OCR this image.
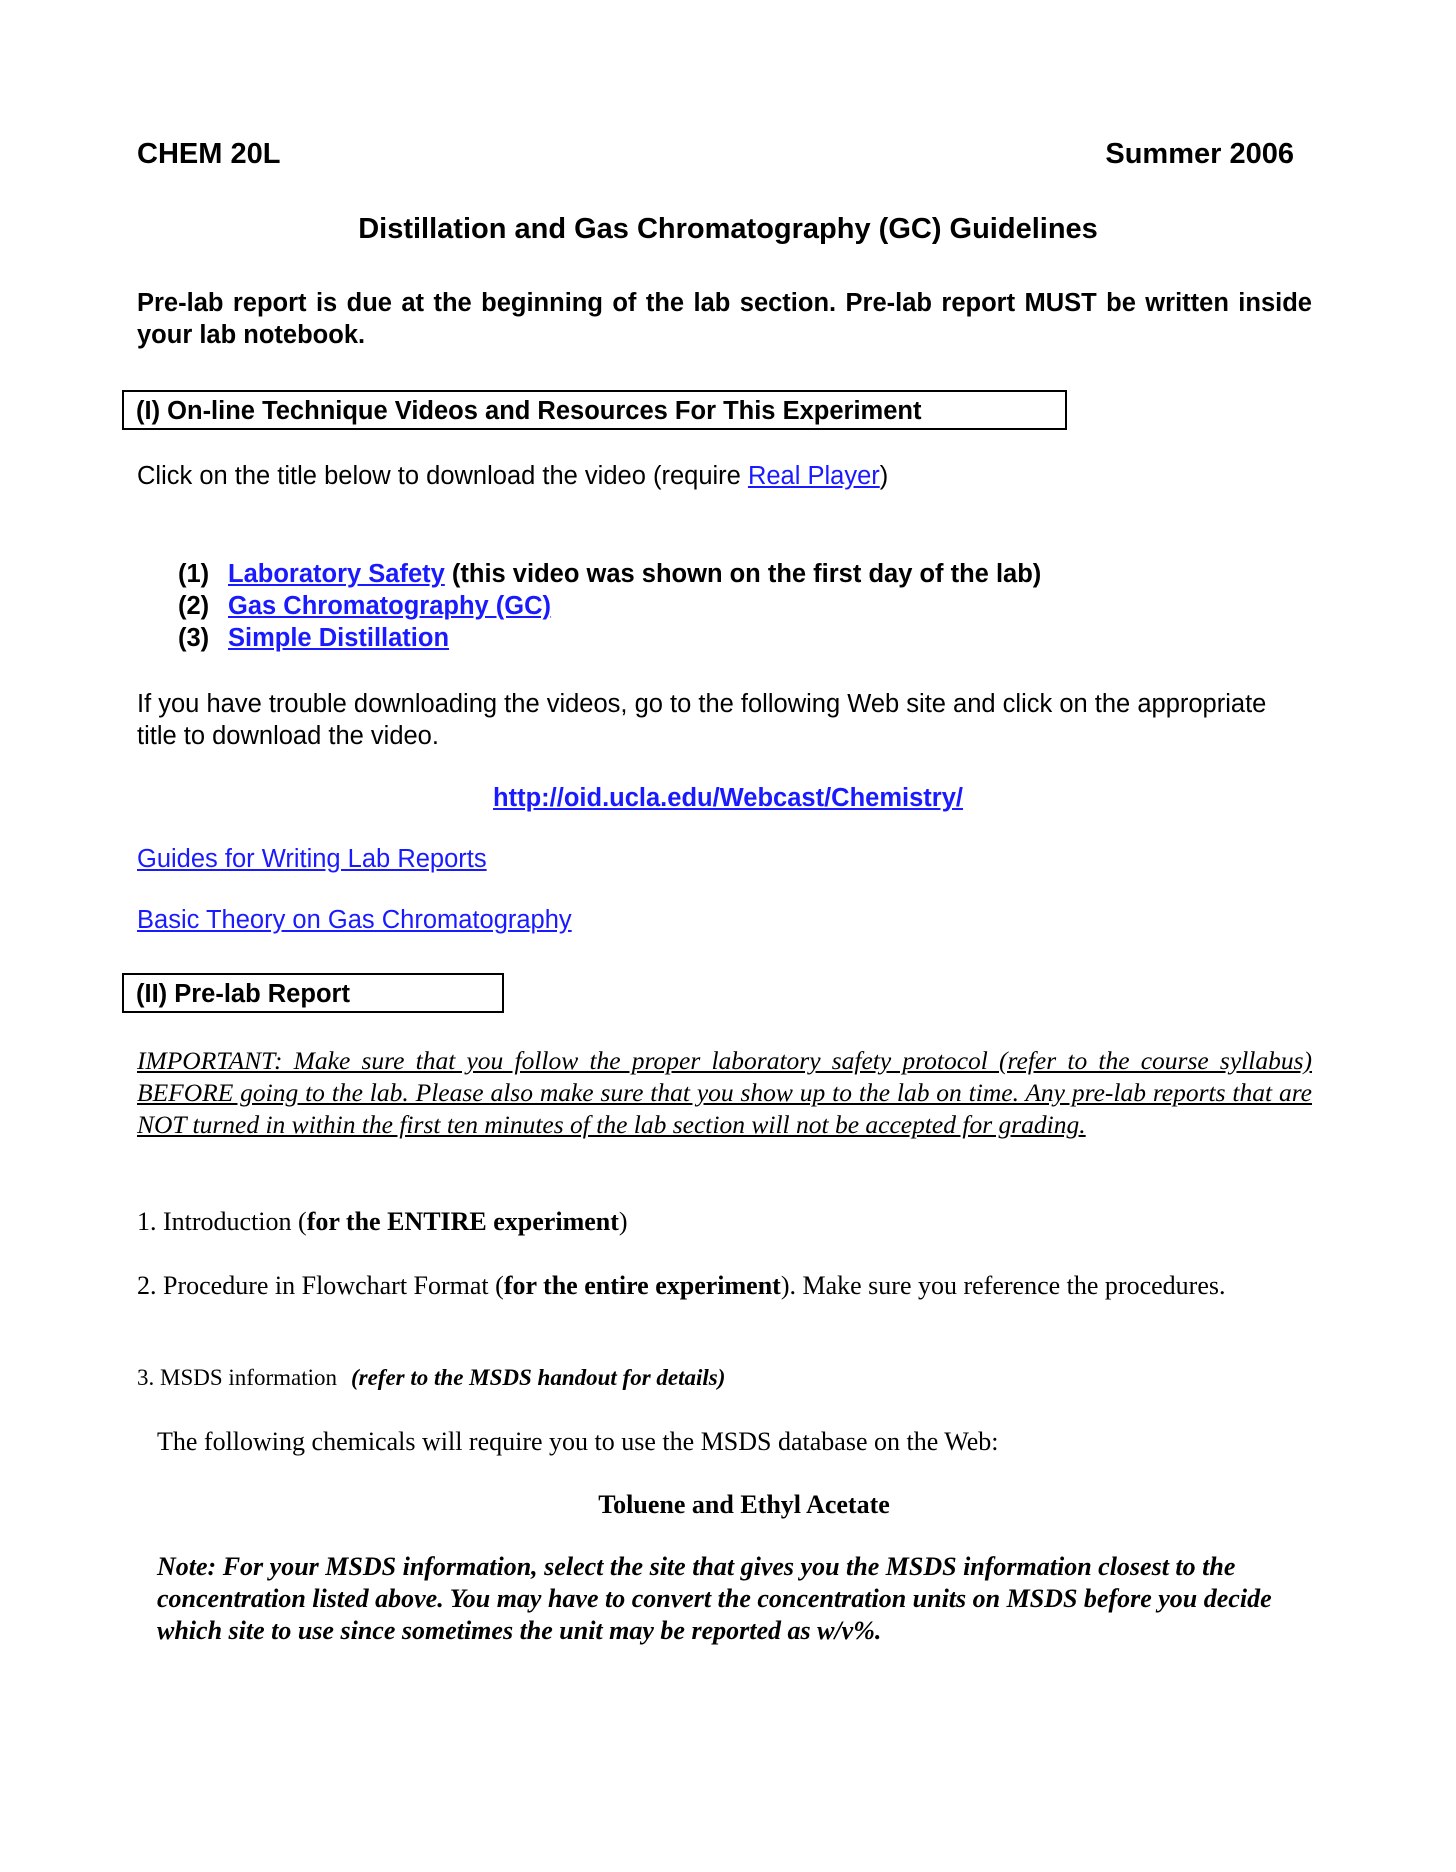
CHEM 20L	Summer 2006
Distillation and Gas Chromatography (GC) Guidelines
Pre-lab report is due at the beginning of the lab section. Pre-lab report MUST be written inside your lab notebook.
(I) On-line Technique Videos and Resources For This Experiment
Click on the title below to download the video (require Real Player)
(1) Laboratory Safety (this video was shown on the first day of the lab)
(2) Gas Chromatography (GC)
(3) Simple Distillation
If you have trouble downloading the videos, go to the following Web site and click on the appropriate title to download the video.
http://oid.ucla.edu/Webcast/Chemistry/
Guides for Writing Lab Reports
Basic Theory on Gas Chromatography
(II) Pre-lab Report
IMPORTANT: Make sure that you follow the proper laboratory safety protocol (refer to the course syllabus) BEFORE going to the lab. Please also make sure that you show up to the lab on time. Any pre-lab reports that are NOT turned in within the first ten minutes of the lab section will not be accepted for grading.
1. Introduction (for the ENTIRE experiment)
2. Procedure in Flowchart Format (for the entire experiment). Make sure you reference the procedures.
3. MSDS information (refer to the MSDS handout for details)
The following chemicals will require you to use the MSDS database on the Web:
Toluene and Ethyl Acetate
Note: For your MSDS information, select the site that gives you the MSDS information closest to the concentration listed above. You may have to convert the concentration units on MSDS before you decide which site to use since sometimes the unit may be reported as w/v%.
